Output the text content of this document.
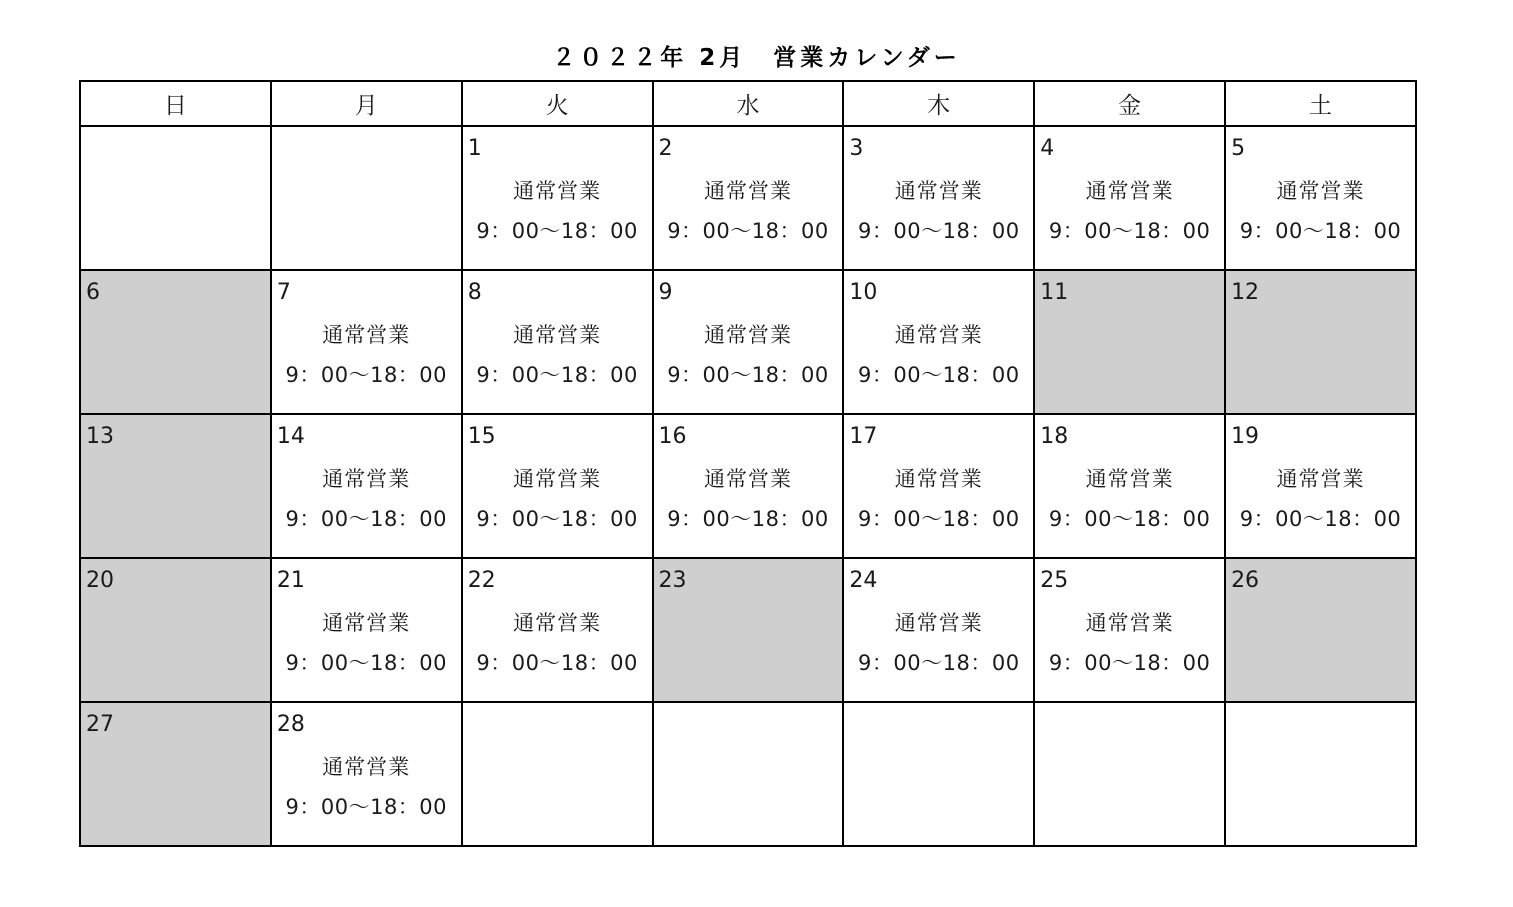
２０２２年 2月　営業カレンダー
日	月	火	水	木	金	土

		1
通常営業
9：00〜18：00	2
通常営業
9：00〜18：00	3
通常営業
9：00〜18：00	4
通常営業
9：00〜18：00	5
通常営業
9：00〜18：00

6	7
通常営業
9：00〜18：00	8
通常営業
9：00〜18：00	9
通常営業
9：00〜18：00	10
通常営業
9：00〜18：00	11	12

13	14
通常営業
9：00〜18：00	15
通常営業
9：00〜18：00	16
通常営業
9：00〜18：00	17
通常営業
9：00〜18：00	18
通常営業
9：00〜18：00	19
通常営業
9：00〜18：00

20	21
通常営業
9：00〜18：00	22
通常営業
9：00〜18：00	23	24
通常営業
9：00〜18：00	25
通常営業
9：00〜18：00	26

27	28
通常営業
9：00〜18：00					
